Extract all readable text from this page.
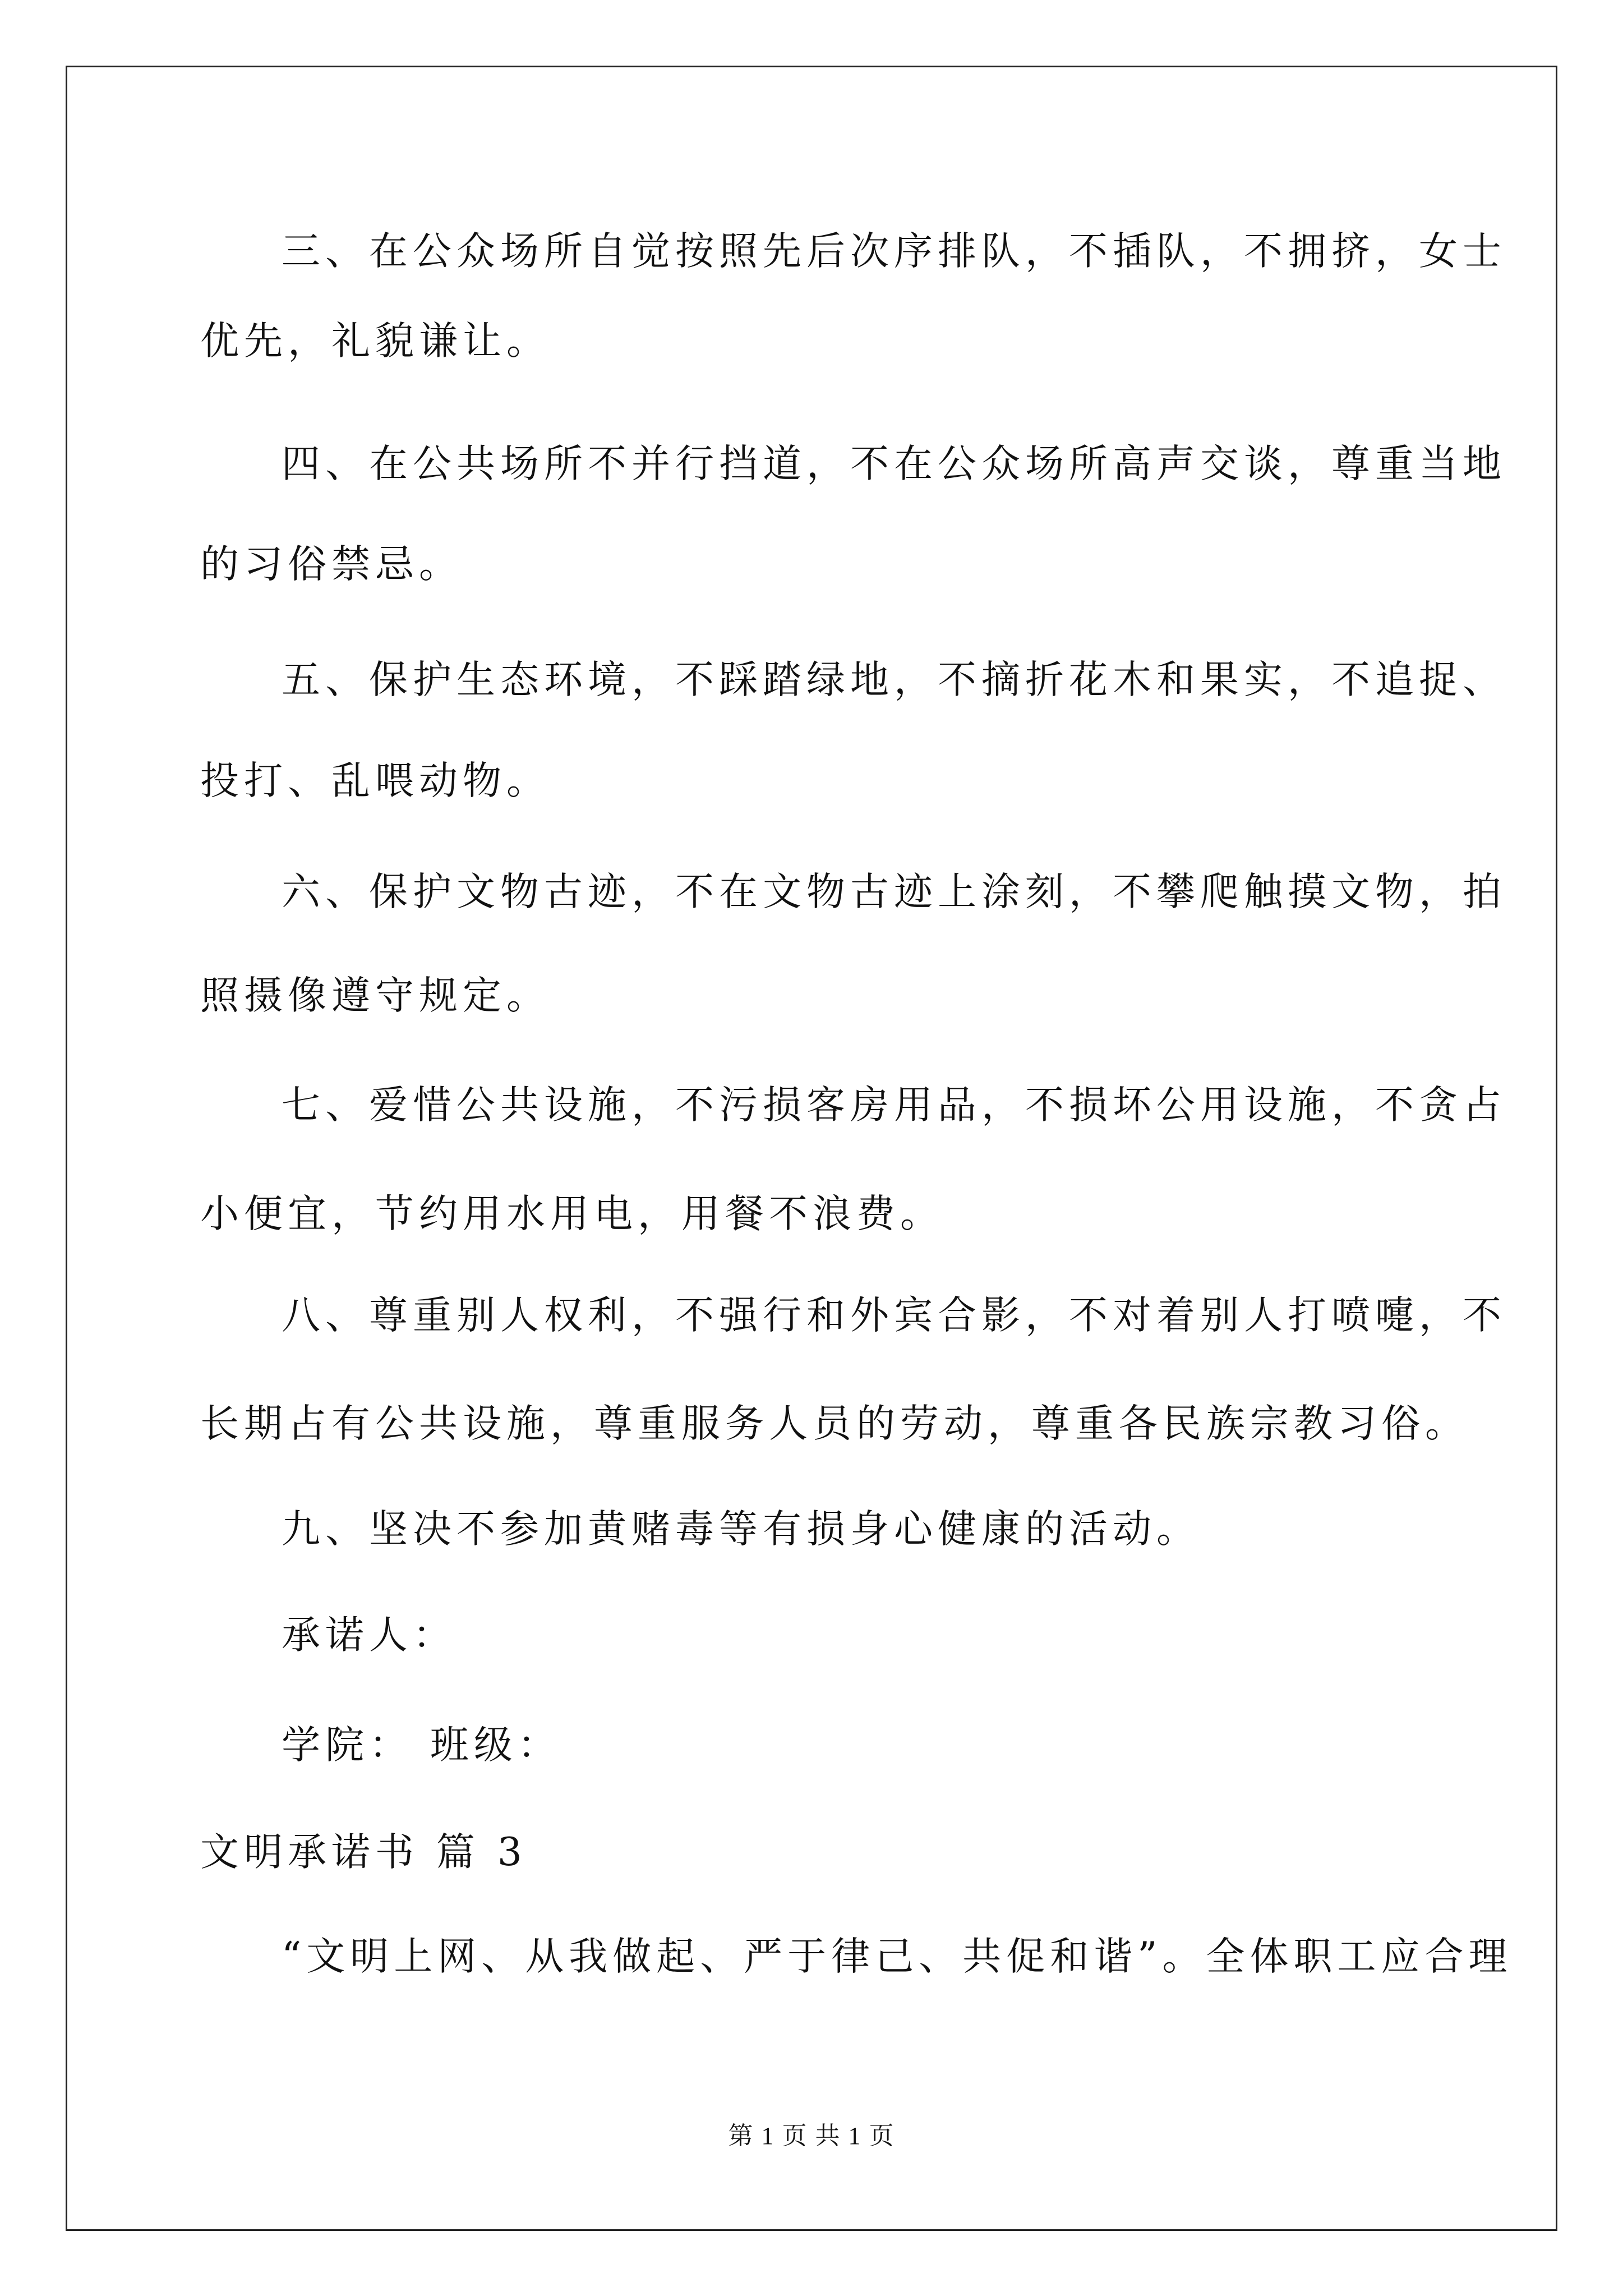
三、在公众场所自觉按照先后次序排队，不插队，不拥挤，女士
优先，礼貌谦让。
四、在公共场所不并行挡道，不在公众场所高声交谈，尊重当地
的习俗禁忌。
五、保护生态环境，不踩踏绿地，不摘折花木和果实，不追捉、
投打、乱喂动物。
六、保护文物古迹，不在文物古迹上涂刻，不攀爬触摸文物，拍
照摄像遵守规定。
七、爱惜公共设施，不污损客房用品，不损坏公用设施，不贪占
小便宜，节约用水用电，用餐不浪费。
八、尊重别人权利，不强行和外宾合影，不对着别人打喷嚏，不
长期占有公共设施，尊重服务人员的劳动，尊重各民族宗教习俗。
九、坚决不参加黄赌毒等有损身心健康的活动。
承诺人：
学院： 班级：
文明承诺书 篇 3
“文明上网、从我做起、严于律己、共促和谐”。全体职工应合理
第 1 页 共 1 页
